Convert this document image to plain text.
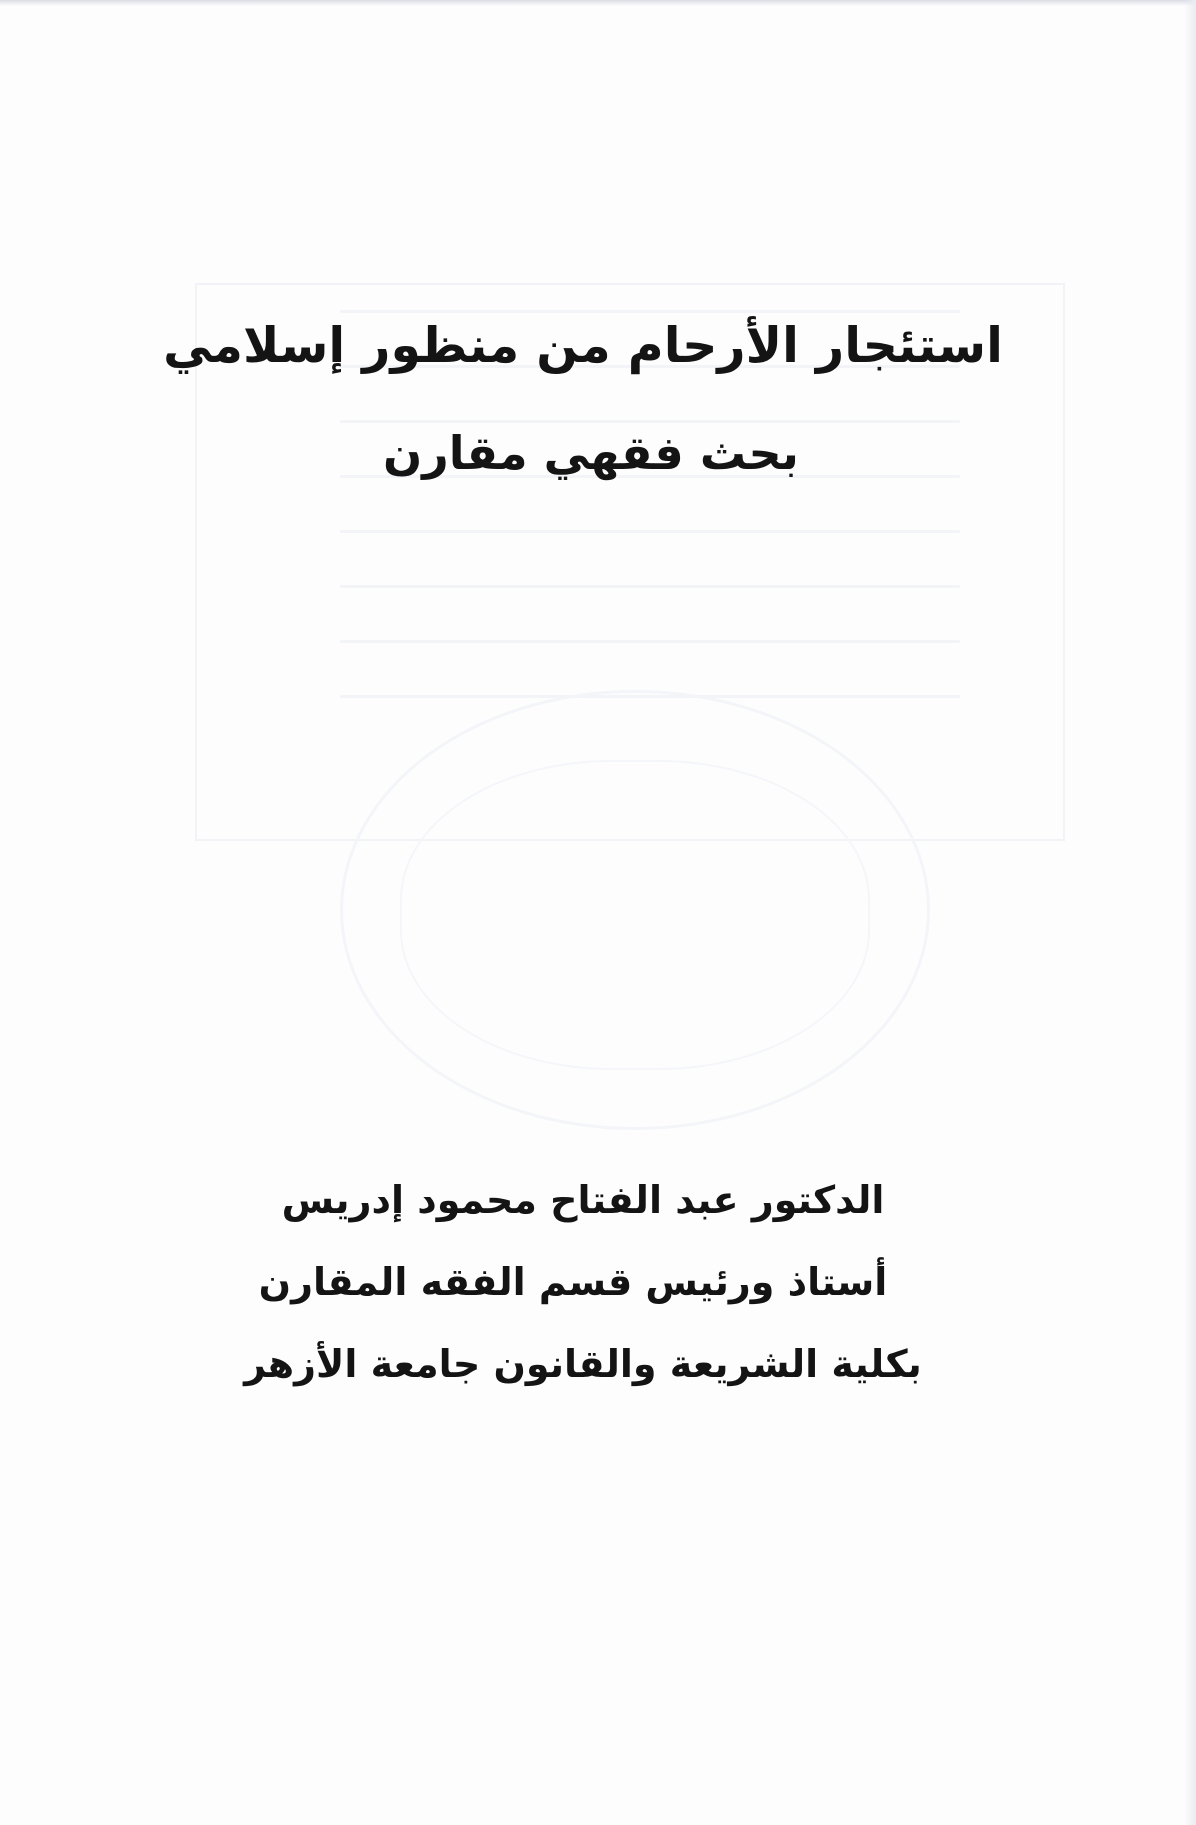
استئجار الأرحام من منظور إسلامي
بحث فقهي مقارن

الدكتور عبد الفتاح محمود إدريس

أستاذ ورئيس قسم الفقه المقارن

بكلية الشريعة والقانون جامعة الأزهر
